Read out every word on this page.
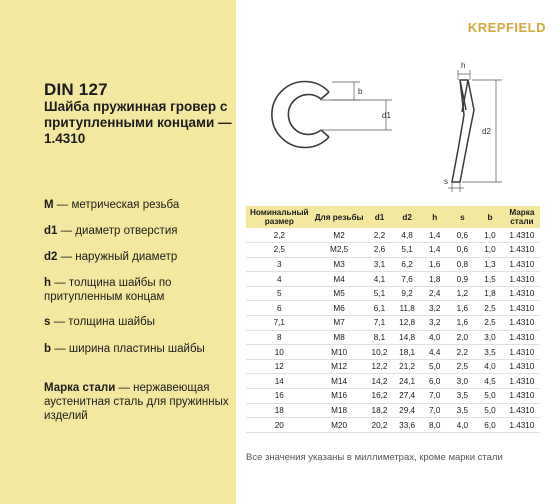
DIN 127
Шайба пружинная гровер с притупленными концами — 1.4310
M — метрическая резьба
d1 — диаметр отверстия
d2 — наружный диаметр
h — толщина шайбы по притупленным концам
s — толщина шайбы
b — ширина пластины шайбы
Марка стали — нержавеющая аустенитная сталь для пружинных изделий
KREPFIELD
b
d1
h
d2
s
Номинальный размер	Для резьбы	d1	d2	h	s	b	Марка стали
2,2	M2	2,2	4,8	1,4	0,6	1,0	1.4310
2,5	M2,5	2,6	5,1	1,4	0,6	1,0	1.4310
3	M3	3,1	6,2	1,6	0,8	1,3	1.4310
4	M4	4,1	7,6	1,8	0,9	1,5	1.4310
5	M5	5,1	9,2	2,4	1,2	1,8	1.4310
6	M6	6,1	11,8	3,2	1,6	2,5	1.4310
7,1	M7	7,1	12,8	3,2	1,6	2,5	1.4310
8	M8	8,1	14,8	4,0	2,0	3,0	1.4310
10	M10	10,2	18,1	4,4	2,2	3,5	1.4310
12	M12	12,2	21,2	5,0	2,5	4,0	1.4310
14	M14	14,2	24,1	6,0	3,0	4,5	1.4310
16	M16	16,2	27,4	7,0	3,5	5,0	1.4310
18	M18	18,2	29,4	7,0	3,5	5,0	1.4310
20	M20	20,2	33,6	8,0	4,0	6,0	1.4310
Все значения указаны в миллиметрах, кроме марки стали
